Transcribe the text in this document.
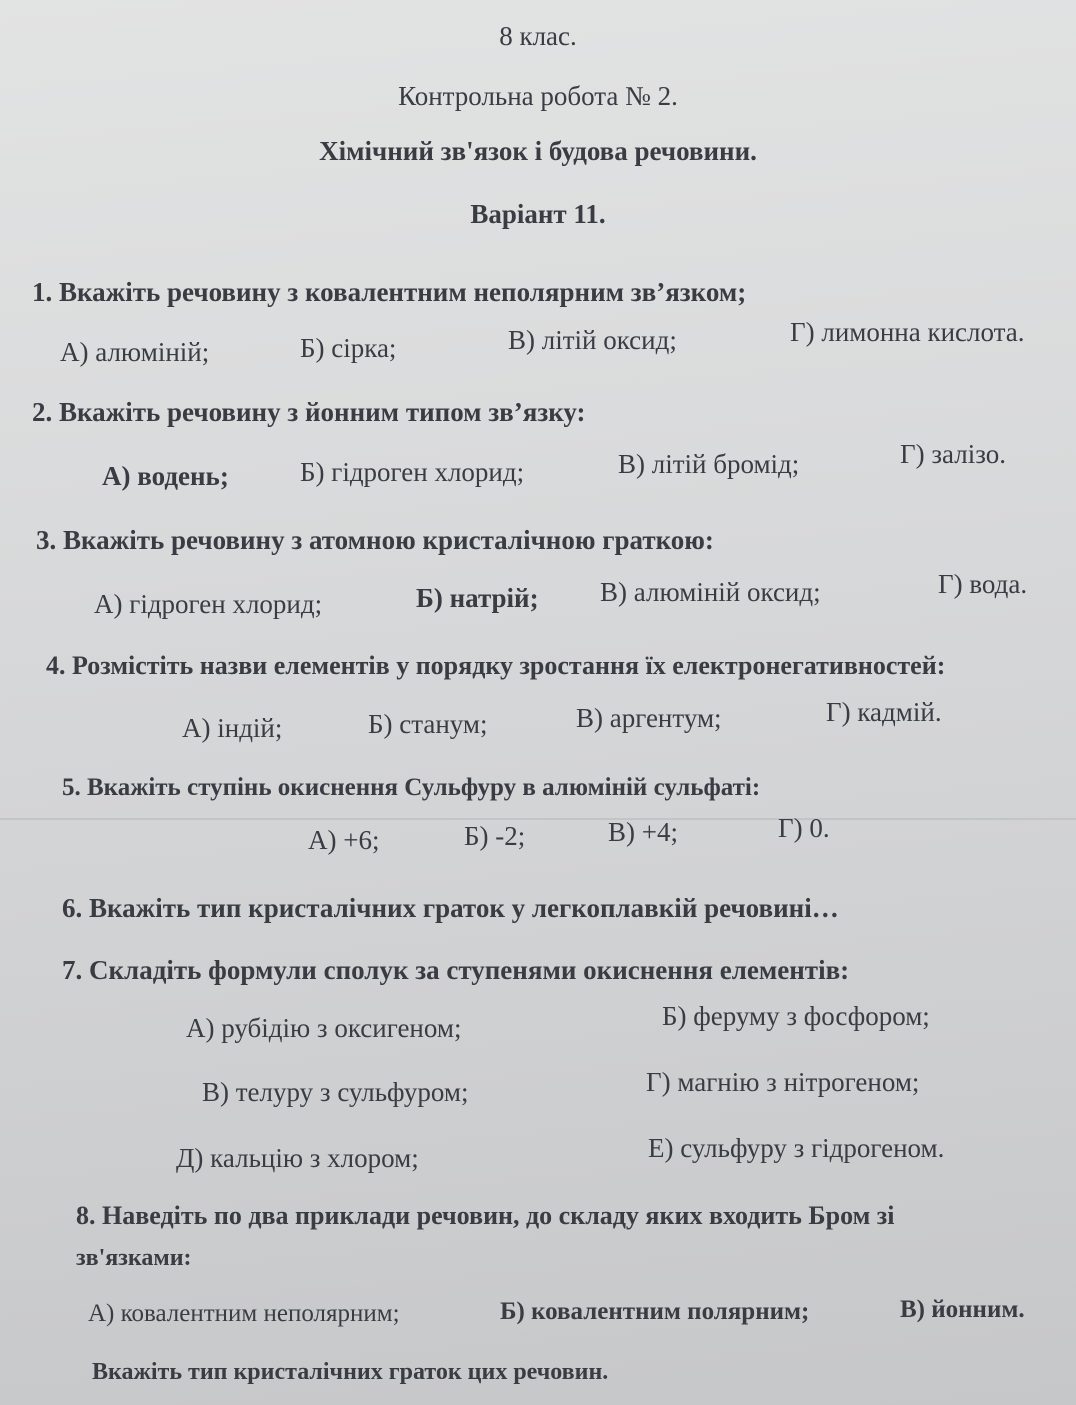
8 клас.
Контрольна робота № 2.
Хімічний зв'язок і будова речовини.
Варіант 11.
1. Вкажіть речовину з ковалентним неполярним зв’язком;
А) алюміній;	Б) сірка;	В) літій оксид;	Г) лимонна кислота.
2. Вкажіть речовину з йонним типом зв’язку:
А) водень;	Б) гідроген хлорид;	В) літій бромід;	Г) залізо.
3. Вкажіть речовину з атомною кристалічною граткою:
А) гідроген хлорид;	Б) натрій; В) алюміній оксид;	Г) вода.
4. Розмістіть назви елементів у порядку зростання їх електронегативностей:
А) індій;	Б) станум;	В) аргентум;	Г) кадмій.
5. Вкажіть ступінь окиснення Сульфуру в алюміній сульфаті:
А) +6;	Б) -2;	В) +4;	Г) 0.
6. Вкажіть тип кристалічних граток у легкоплавкій речовині…
7. Складіть формули сполук за ступенями окиснення елементів:
А) рубідію з оксигеном;	Б) феруму з фосфором;
В) телуру з сульфуром;	Г) магнію з нітрогеном;
Д) кальцію з хлором;	Е) сульфуру з гідрогеном.
8. Наведіть по два приклади речовин, до складу яких входить Бром зі
зв'язками:
А) ковалентним неполярним;	Б) ковалентним полярним;	В) йонним.
Вкажіть тип кристалічних граток цих речовин.
